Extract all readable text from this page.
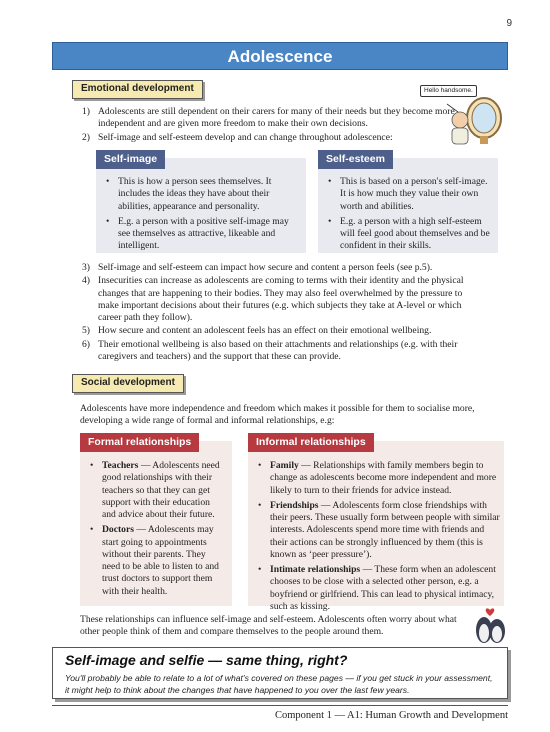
9
Adolescence
Emotional development	Hello handsome.
1) Adolescents are still dependent on their carers for many of their needs but they become more independent and are given more freedom to make their own decisions.
2) Self-image and self-esteem develop and can change throughout adolescence:
Self-image
• This is how a person sees themselves. It includes the ideas they have about their abilities, appearance and personality.
• E.g. a person with a positive self-image may see themselves as attractive, likeable and intelligent.
Self-esteem
• This is based on a person's self-image. It is how much they value their own worth and abilities.
• E.g. a person with a high self-esteem will feel good about themselves and be confident in their skills.
3) Self-image and self-esteem can impact how secure and content a person feels (see p.5).
4) Insecurities can increase as adolescents are coming to terms with their identity and the physical changes that are happening to their bodies. They may also feel overwhelmed by the pressure to make important decisions about their futures (e.g. which subjects they take at A-level or which career path they follow).
5) How secure and content an adolescent feels has an effect on their emotional wellbeing.
6) Their emotional wellbeing is also based on their attachments and relationships (e.g. with their caregivers and teachers) and the support that these can provide.
Social development
Adolescents have more independence and freedom which makes it possible for them to socialise more, developing a wide range of formal and informal relationships, e.g:
Formal relationships
• Teachers — Adolescents need good relationships with their teachers so that they can get support with their education and advice about their future.
• Doctors — Adolescents may start going to appointments without their parents. They need to be able to listen to and trust doctors to support them with their health.
Informal relationships
• Family — Relationships with family members begin to change as adolescents become more independent and more likely to turn to their friends for advice instead.
• Friendships — Adolescents form close friendships with their peers. These usually form between people with similar interests. Adolescents spend more time with friends and their actions can be strongly influenced by them (this is known as ‘peer pressure’).
• Intimate relationships — These form when an adolescent chooses to be close with a selected other person, e.g. a boyfriend or girlfriend. This can lead to physical intimacy, such as kissing.
These relationships can influence self-image and self-esteem. Adolescents often worry about what other people think of them and compare themselves to the people around them.
Self-image and selfie — same thing, right?
You'll probably be able to relate to a lot of what's covered on these pages — if you get stuck in your assessment, it might help to think about the changes that have happened to you over the last few years.
Component 1 — A1: Human Growth and Development
